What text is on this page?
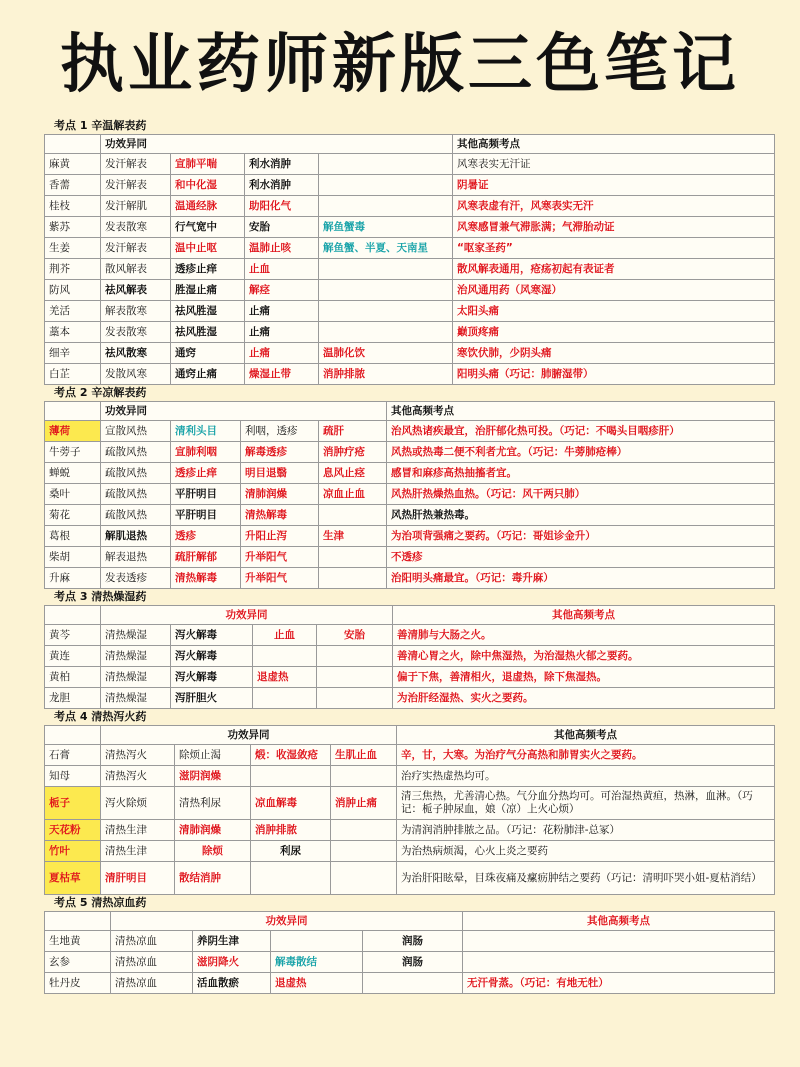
执业药师新版三色笔记
考点 1 辛温解表药
	功效异同				其他高频考点
麻黄	发汗解表	宣肺平喘	利水消肿		风寒表实无汗证
香薷	发汗解表	和中化湿	利水消肿		阴暑证
桂枝	发汗解肌	温通经脉	助阳化气		风寒表虚有汗，风寒表实无汗
紫苏	发表散寒	行气宽中	安胎	解鱼蟹毒	风寒感冒兼气滞胀满；气滞胎动证
生姜	发汗解表	温中止呕	温肺止咳	解鱼蟹、半夏、天南星	“呕家圣药”
荆芥	散风解表	透疹止痒	止血		散风解表通用，疮疡初起有表证者
防风	祛风解表	胜湿止痛	解痉		治风通用药（风寒湿）
羌活	解表散寒	祛风胜湿	止痛		太阳头痛
藁本	发表散寒	祛风胜湿	止痛		巅顶疼痛
细辛	祛风散寒	通窍	止痛	温肺化饮	寒饮伏肺，少阴头痛
白芷	发散风寒	通窍止痛	燥湿止带	消肿排脓	阳明头痛（巧记：肺腑湿带）
考点 2 辛凉解表药
	功效异同				其他高频考点
薄荷	宣散风热	清利头目	利咽，透疹	疏肝	治风热诸疾最宜，治肝郁化热可投。（巧记：不喝头目咽疹肝）
牛蒡子	疏散风热	宣肺利咽	解毒透疹	消肿疗疮	风热或热毒二便不利者尤宜。（巧记：牛蒡肺疮棒）
蝉蜕	疏散风热	透疹止痒	明目退翳	息风止痉	感冒和麻疹高热抽搐者宜。
桑叶	疏散风热	平肝明目	清肺润燥	凉血止血	风热肝热燥热血热。（巧记：风干两只肺）
菊花	疏散风热	平肝明目	清热解毒		风热肝热兼热毒。
葛根	解肌退热	透疹	升阳止泻	生津	为治项背强痛之要药。（巧记：哥姐诊金升）
柴胡	解表退热	疏肝解郁	升举阳气		不透疹
升麻	发表透疹	清热解毒	升举阳气		治阳明头痛最宜。（巧记：毒升麻）
考点 3 清热燥湿药
	功效异同				其他高频考点
黄芩	清热燥湿	泻火解毒	止血	安胎	善清肺与大肠之火。
黄连	清热燥湿	泻火解毒			善清心胃之火，除中焦湿热，为治湿热火郁之要药。
黄柏	清热燥湿	泻火解毒	退虚热		偏于下焦，善清相火，退虚热，除下焦湿热。
龙胆	清热燥湿	泻肝胆火			为治肝经湿热、实火之要药。
考点 4 清热泻火药
	功效异同				其他高频考点
石膏	清热泻火	除烦止渴	煅：收湿敛疮	生肌止血	辛，甘，大寒。为治疗气分高热和肺胃实火之要药。
知母	清热泻火	滋阴润燥			治疗实热虚热均可。
栀子	泻火除烦	清热利尿	凉血解毒	消肿止痛	清三焦热，尤善清心热。气分血分热均可。可治湿热黄疸，热淋，血淋。（巧记：栀子肿尿血，娘（凉）上火心烦）
天花粉	清热生津	清肺润燥	消肿排脓		为清润消肿排脓之品。（巧记：花粉肺津-总冢）
竹叶	清热生津	除烦	利尿		为治热病烦渴，心火上炎之要药
夏枯草	清肝明目	散结消肿			为治肝阳眩晕，目珠夜痛及瘰疬肿结之要药（巧记：清明吓哭小姐-夏枯消结）
考点 5 清热凉血药
	功效异同				其他高频考点
生地黄	清热凉血	养阴生津		润肠	
玄参	清热凉血	滋阴降火	解毒散结	润肠	
牡丹皮	清热凉血	活血散瘀	退虚热		无汗骨蒸。（巧记：有地无牡）
